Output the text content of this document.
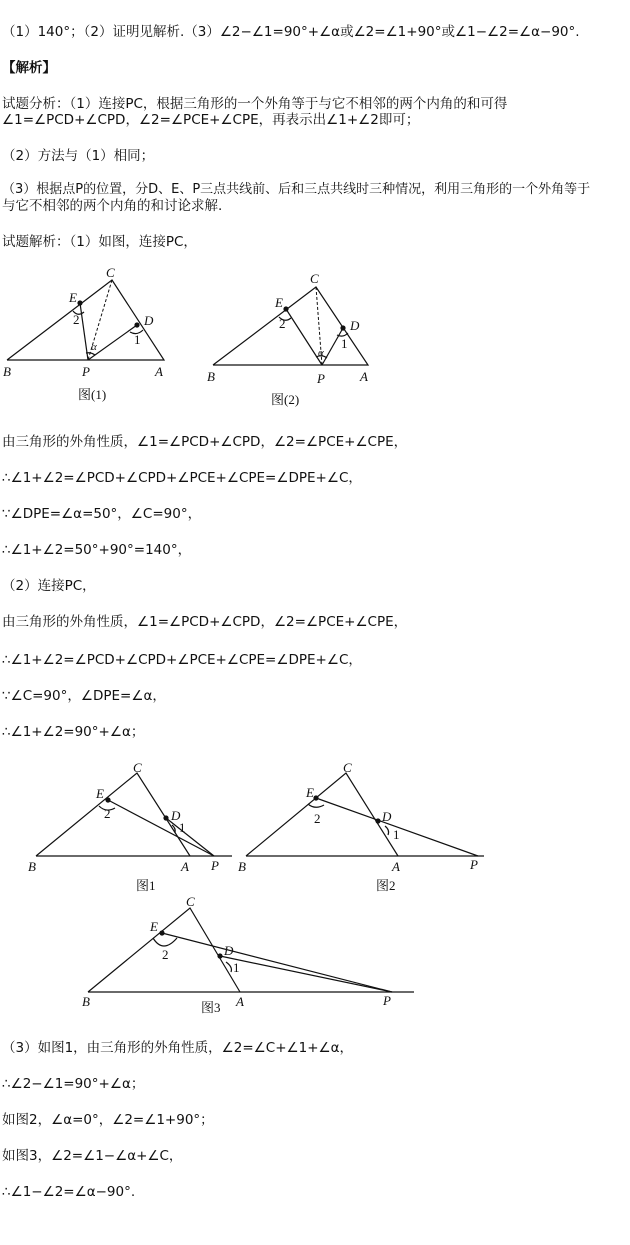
（1）140°；（2）证明见解析.（3）∠2−∠1=90°+∠α或∠2=∠1+90°或∠1−∠2=∠α−90°.
【解析】
试题分析：（1）连接PC，根据三角形的一个外角等于与它不相邻的两个内角的和可得
∠1=∠PCD+∠CPD，∠2=∠PCE+∠CPE，再表示出∠1+∠2即可；
（2）方法与（1）相同；
（3）根据点P的位置，分D、E、P三点共线前、后和三点共线时三种情况，利用三角形的一个外角等于
与它不相邻的两个内角的和讨论求解.
试题解析：（1）如图，连接PC，
C
E
2	D
1
α
B	P	A
图(1)
C
E
2	D
1
α
B	P	A
图(2)
由三角形的外角性质，∠1=∠PCD+∠CPD，∠2=∠PCE+∠CPE，
∴∠1+∠2=∠PCD+∠CPD+∠PCE+∠CPE=∠DPE+∠C，
∵∠DPE=∠α=50°，∠C=90°，
∴∠1+∠2=50°+90°=140°，
（2）连接PC，
由三角形的外角性质，∠1=∠PCD+∠CPD，∠2=∠PCE+∠CPE，
∴∠1+∠2=∠PCD+∠CPD+∠PCE+∠CPE=∠DPE+∠C，
∵∠C=90°，∠DPE=∠α，
∴∠1+∠2=90°+∠α；
C
E
2	D
1
B	A P
图1
C
E
2	D
1
B	A	P
图2
C
E
2	D
1
B	A	P
图3
（3）如图1，由三角形的外角性质，∠2=∠C+∠1+∠α，
∴∠2−∠1=90°+∠α；
如图2，∠α=0°，∠2=∠1+90°；
如图3，∠2=∠1−∠α+∠C，
∴∠1−∠2=∠α−90°.
